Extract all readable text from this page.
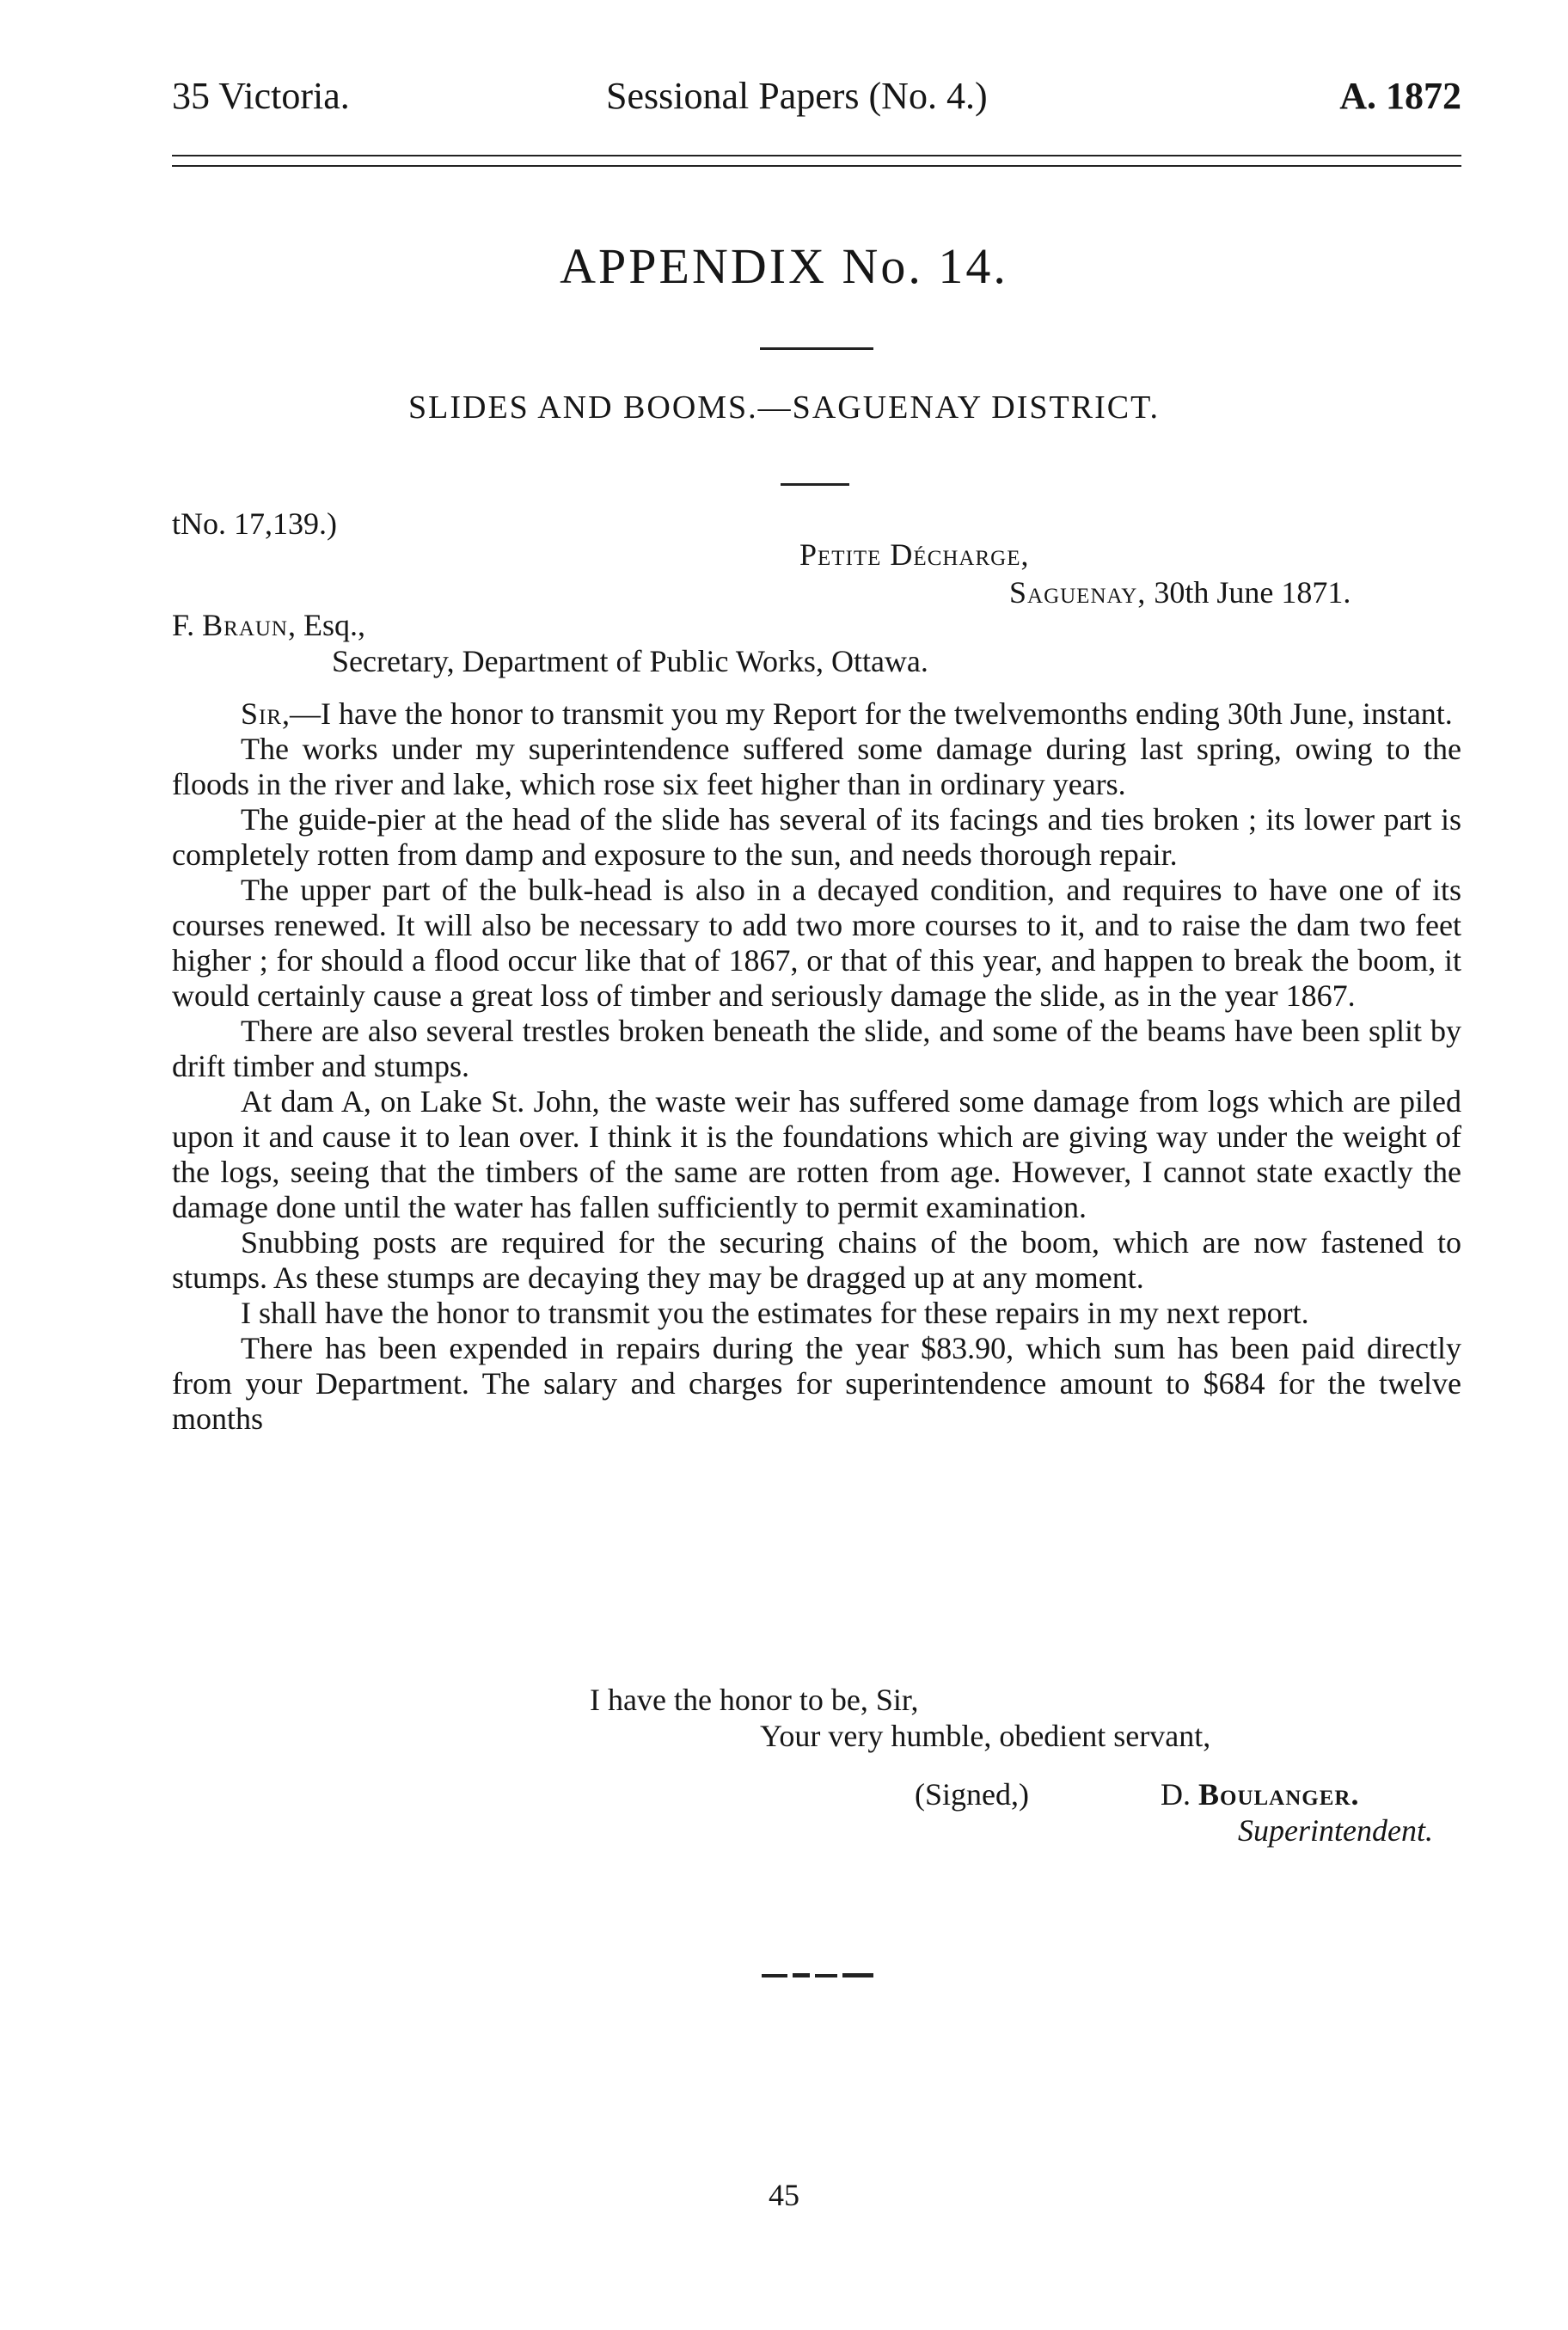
35 Victoria.	Sessional Papers (No. 4.)	A. 1872
APPENDIX No. 14.
SLIDES AND BOOMS.—SAGUENAY DISTRICT.
tNo. 17,139.)
Petite Décharge,
Saguenay, 30th June 1871.
F. Braun, Esq.,
Secretary, Department of Public Works, Ottawa.

Sir,—I have the honor to transmit you my Report for the twelvemonths ending 30th June, instant.

The works under my superintendence suffered some damage during last spring, owing to the floods in the river and lake, which rose six feet higher than in ordinary years.

The guide-pier at the head of the slide has several of its facings and ties broken ; its lower part is completely rotten from damp and exposure to the sun, and needs thorough repair.

The upper part of the bulk-head is also in a decayed condition, and requires to have one of its courses renewed. It will also be necessary to add two more courses to it, and to raise the dam two feet higher ; for should a flood occur like that of 1867, or that of this year, and happen to break the boom, it would certainly cause a great loss of timber and seriously damage the slide, as in the year 1867.

There are also several trestles broken beneath the slide, and some of the beams have been split by drift timber and stumps.

At dam A, on Lake St. John, the waste weir has suffered some damage from logs which are piled upon it and cause it to lean over. I think it is the foundations which are giving way under the weight of the logs, seeing that the timbers of the same are rotten from age. However, I cannot state exactly the damage done until the water has fallen sufficiently to permit examination.

Snubbing posts are required for the securing chains of the boom, which are now fastened to stumps. As these stumps are decaying they may be dragged up at any moment.

I shall have the honor to transmit you the estimates for these repairs in my next report.

There has been expended in repairs during the year $83.90, which sum has been paid directly from your Department. The salary and charges for superintendence amount to $684 for the twelve months

I have the honor to be, Sir,
Your very humble, obedient servant,
(Signed,)	D. Boulanger.
Superintendent.
45
